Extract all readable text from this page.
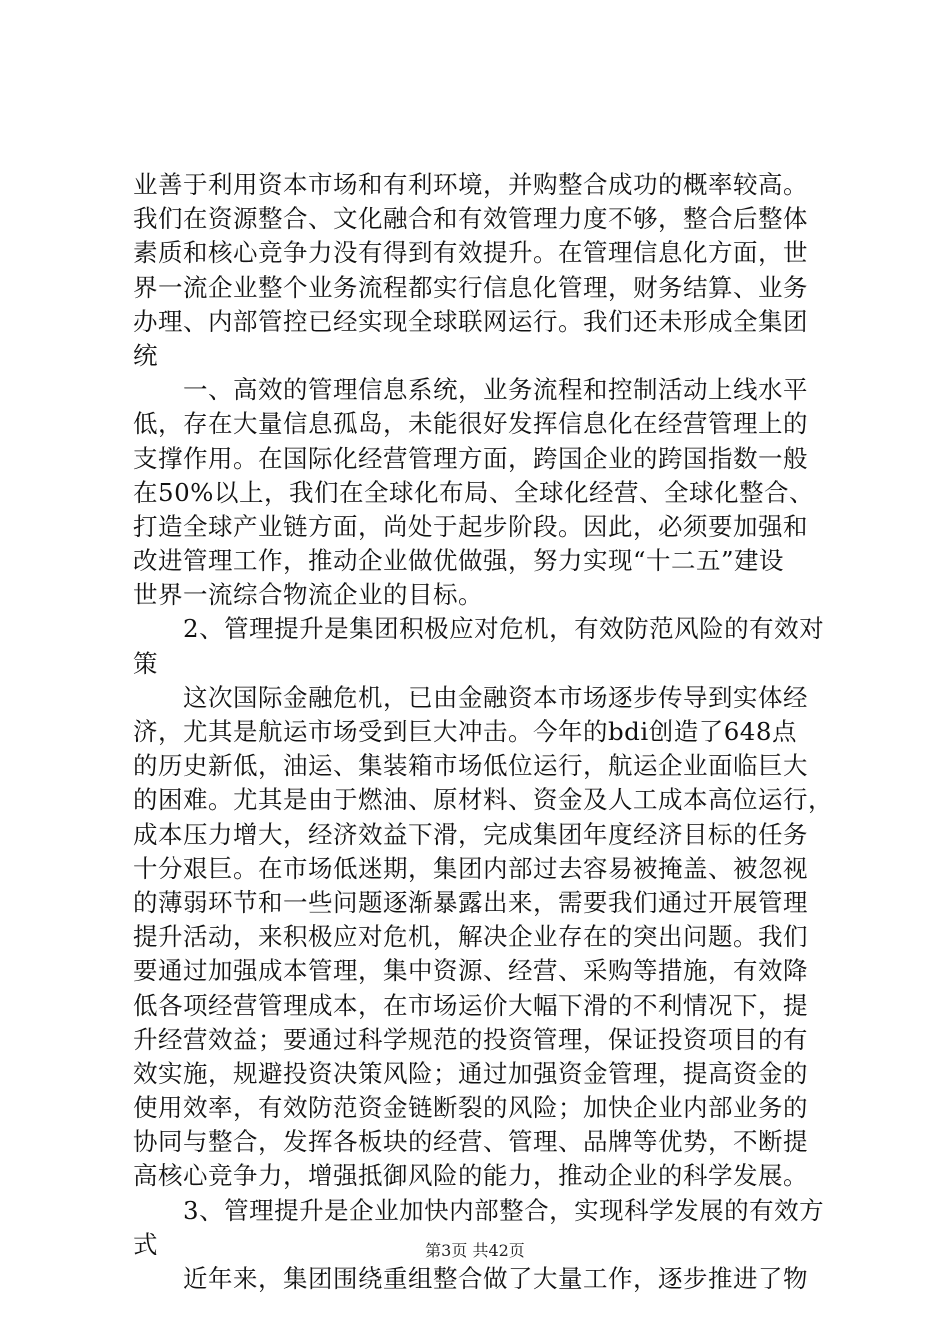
业善于利用资本市场和有利环境，并购整合成功的概率较高。
我们在资源整合、文化融合和有效管理力度不够，整合后整体
素质和核心竞争力没有得到有效提升。在管理信息化方面，世
界一流企业整个业务流程都实行信息化管理，财务结算、业务
办理、内部管控已经实现全球联网运行。我们还未形成全集团
统
　　一、高效的管理信息系统，业务流程和控制活动上线水平
低，存在大量信息孤岛，未能很好发挥信息化在经营管理上的
支撑作用。在国际化经营管理方面，跨国企业的跨国指数一般
在50%以上，我们在全球化布局、全球化经营、全球化整合、
打造全球产业链方面，尚处于起步阶段。因此，必须要加强和
改进管理工作，推动企业做优做强，努力实现“十二五”建设
世界一流综合物流企业的目标。
　　2、管理提升是集团积极应对危机，有效防范风险的有效对
策
　　这次国际金融危机，已由金融资本市场逐步传导到实体经
济，尤其是航运市场受到巨大冲击。今年的bdi创造了648点
的历史新低，油运、集装箱市场低位运行，航运企业面临巨大
的困难。尤其是由于燃油、原材料、资金及人工成本高位运行，
成本压力增大，经济效益下滑，完成集团年度经济目标的任务
十分艰巨。在市场低迷期，集团内部过去容易被掩盖、被忽视
的薄弱环节和一些问题逐渐暴露出来，需要我们通过开展管理
提升活动，来积极应对危机，解决企业存在的突出问题。我们
要通过加强成本管理，集中资源、经营、采购等措施，有效降
低各项经营管理成本，在市场运价大幅下滑的不利情况下，提
升经营效益；要通过科学规范的投资管理，保证投资项目的有
效实施，规避投资决策风险；通过加强资金管理，提高资金的
使用效率，有效防范资金链断裂的风险；加快企业内部业务的
协同与整合，发挥各板块的经营、管理、品牌等优势，不断提
高核心竞争力，增强抵御风险的能力，推动企业的科学发展。
　　3、管理提升是企业加快内部整合，实现科学发展的有效方
式
　　近年来，集团围绕重组整合做了大量工作，逐步推进了物
第3页 共42页
